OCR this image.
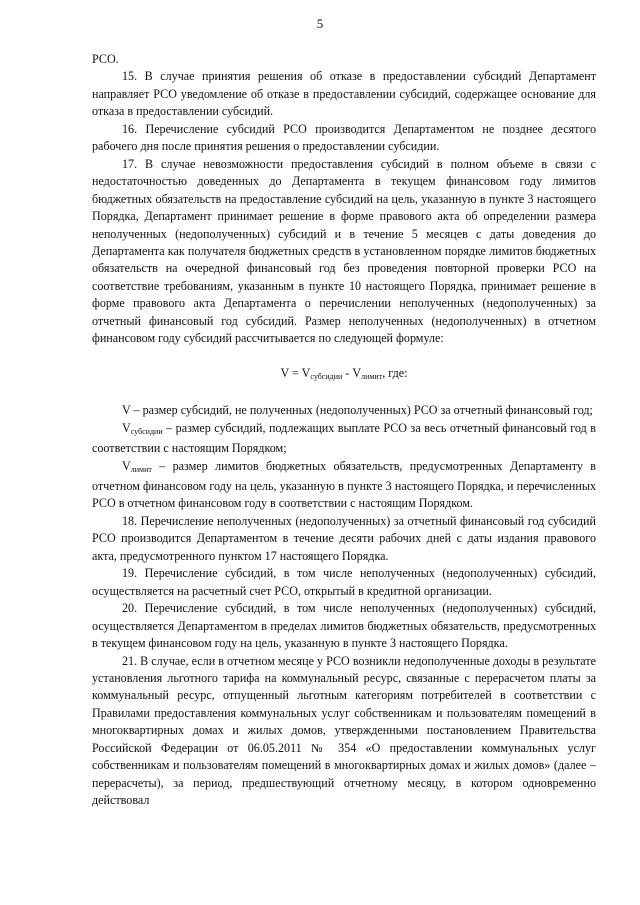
5

РСО.

15. В случае принятия решения об отказе в предоставлении субсидий Департамент направляет РСО уведомление об отказе в предоставлении субсидий, содержащее основание для отказа в предоставлении субсидий.

16. Перечисление субсидий РСО производится Департаментом не позднее десятого рабочего дня после принятия решения о предоставлении субсидии.

17. В случае невозможности предоставления субсидий в полном объеме в связи с недостаточностью доведенных до Департамента в текущем финансовом году лимитов бюджетных обязательств на предоставление субсидий на цель, указанную в пункте 3 настоящего Порядка, Департамент принимает решение в форме правового акта об определении размера неполученных (недополученных) субсидий и в течение 5 месяцев с даты доведения до Департамента как получателя бюджетных средств в установленном порядке лимитов бюджетных обязательств на очередной финансовый год без проведения повторной проверки РСО на соответствие требованиям, указанным в пункте 10 настоящего Порядка, принимает решение в форме правового акта Департамента о перечислении неполученных (недополученных) за отчетный финансовый год субсидий. Размер неполученных (недополученных) в отчетном финансовом году субсидий рассчитывается по следующей формуле:

$V = V_{субсидии} - V_{лимит}$, где:

V – размер субсидий, не полученных (недополученных) РСО за отчетный финансовый год;

$V_{субсидии}$ – размер субсидий, подлежащих выплате РСО за весь отчетный финансовый год в соответствии с настоящим Порядком;

$V_{лимит}$ – размер лимитов бюджетных обязательств, предусмотренных Департаменту в отчетном финансовом году на цель, указанную в пункте 3 настоящего Порядка, и перечисленных РСО в отчетном финансовом году в соответствии с настоящим Порядком.

18. Перечисление неполученных (недополученных) за отчетный финансовый год субсидий РСО производится Департаментом в течение десяти рабочих дней с даты издания правового акта, предусмотренного пунктом 17 настоящего Порядка.

19. Перечисление субсидий, в том числе неполученных (недополученных) субсидий, осуществляется на расчетный счет РСО, открытый в кредитной организации.

20. Перечисление субсидий, в том числе неполученных (недополученных) субсидий, осуществляется Департаментом в пределах лимитов бюджетных обязательств, предусмотренных в текущем финансовом году на цель, указанную в пункте 3 настоящего Порядка.

21. В случае, если в отчетном месяце у РСО возникли недополученные доходы в результате установления льготного тарифа на коммунальный ресурс, связанные с перерасчетом платы за коммунальный ресурс, отпущенный льготным категориям потребителей в соответствии с Правилами предоставления коммунальных услуг собственникам и пользователям помещений в многоквартирных домах и жилых домов, утвержденными постановлением Правительства Российской Федерации от 06.05.2011 № 354 «О предоставлении коммунальных услуг собственникам и пользователям помещений в многоквартирных домах и жилых домов» (далее – перерасчеты), за период, предшествующий отчетному месяцу, в котором одновременно действовал
